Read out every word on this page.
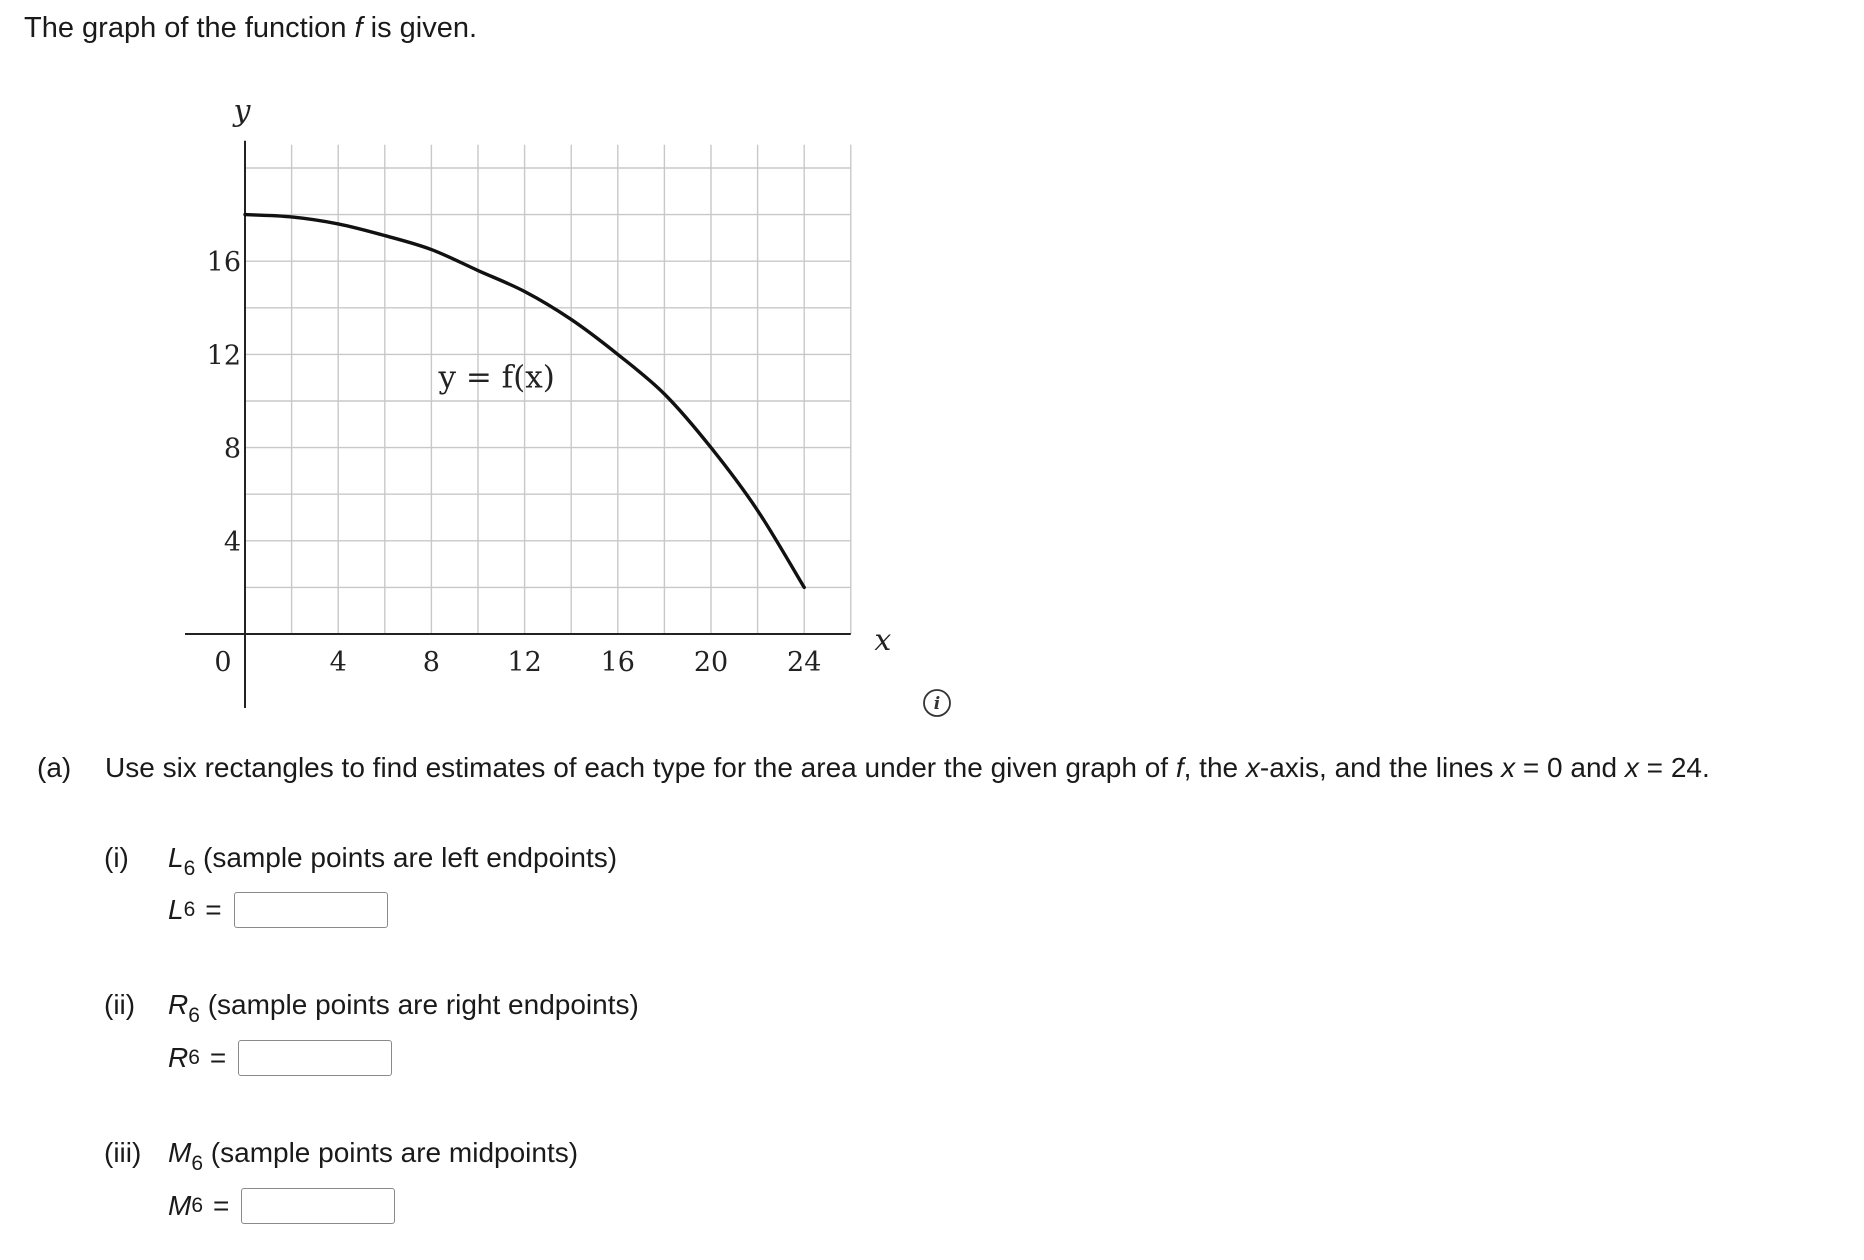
The graph of the function f is given.
y
x
0	4	8 12 16 20 24
4
8
12
16
y = f(x)
i
(a) Use six rectangles to find estimates of each type for the area under the given graph of f, the x-axis, and the lines x = 0 and x = 24.
(i) $L_6$ (sample points are left endpoints)
L 6 =
(ii) $R_6$ (sample points are right endpoints)
R 6 =
(iii) $M_6$ (sample points are midpoints)
M 6 =
